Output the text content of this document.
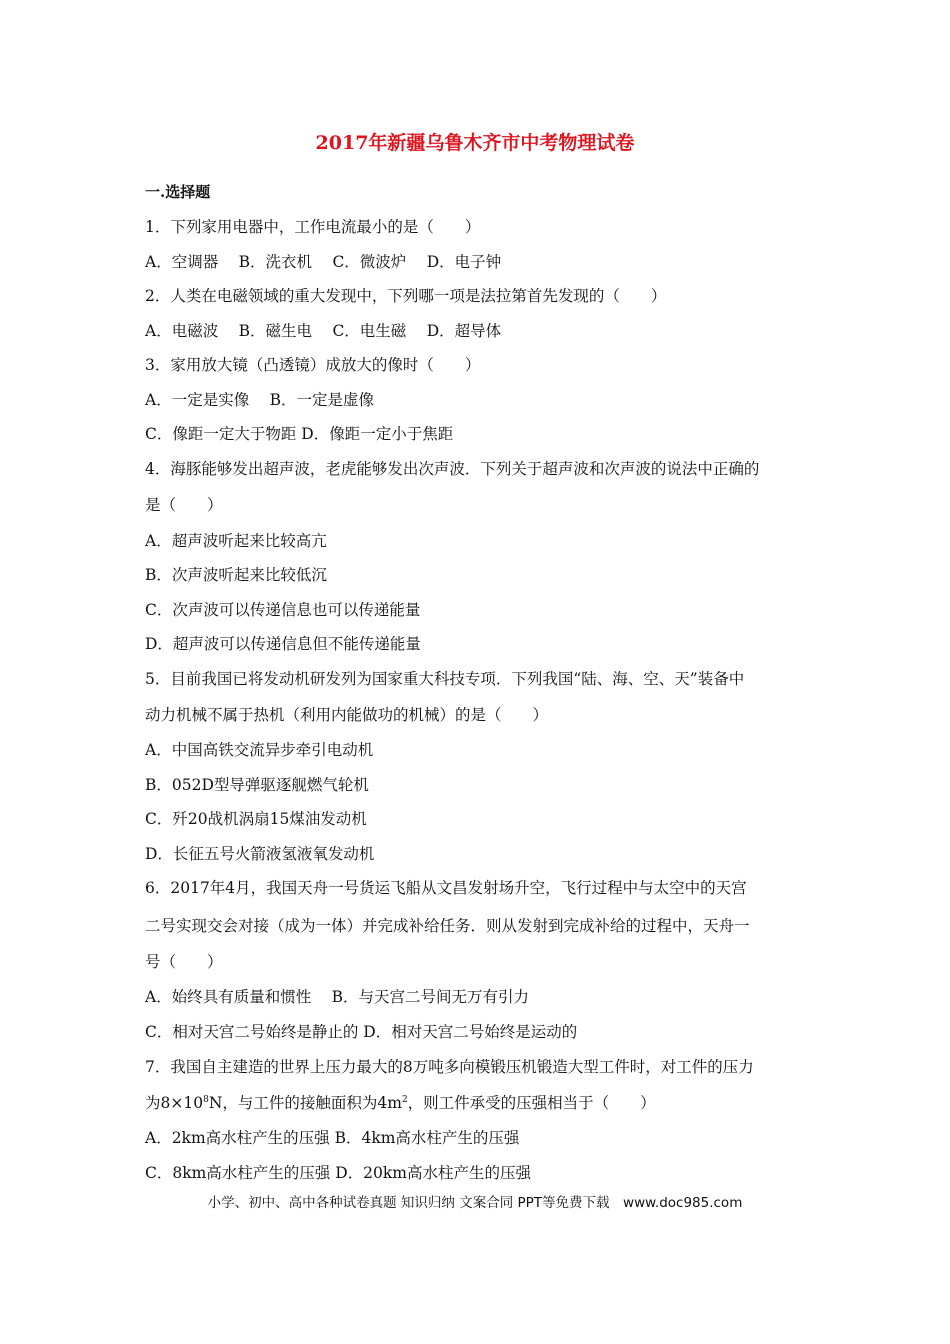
2017年新疆乌鲁木齐市中考物理试卷
一.选择题
1．下列家用电器中，工作电流最小的是（　　）
A．空调器　 B．洗衣机　 C．微波炉　 D．电子钟
2．人类在电磁领域的重大发现中，下列哪一项是法拉第首先发现的（　　）
A．电磁波　 B．磁生电　 C．电生磁　 D．超导体
3．家用放大镜（凸透镜）成放大的像时（　　）
A．一定是实像　 B．一定是虚像
C．像距一定大于物距 D．像距一定小于焦距
4．海豚能够发出超声波，老虎能够发出次声波．下列关于超声波和次声波的说法中正确的
是（　　）
A．超声波听起来比较高亢
B．次声波听起来比较低沉
C．次声波可以传递信息也可以传递能量
D．超声波可以传递信息但不能传递能量
5．目前我国已将发动机研发列为国家重大科技专项．下列我国“陆、海、空、天”装备中
动力机械不属于热机（利用内能做功的机械）的是（　　）
A．中国高铁交流异步牵引电动机
B．052D型导弹驱逐舰燃气轮机
C．歼20战机涡扇15煤油发动机
D．长征五号火箭液氢液氧发动机
6．2017年4月，我国天舟一号货运飞船从文昌发射场升空，飞行过程中与太空中的天宫
二号实现交会对接（成为一体）并完成补给任务．则从发射到完成补给的过程中，天舟一
号（　　）
A．始终具有质量和惯性　 B．与天宫二号间无万有引力
C．相对天宫二号始终是静止的 D．相对天宫二号始终是运动的
7．我国自主建造的世界上压力最大的8万吨多向模锻压机锻造大型工件时，对工件的压力
为$8\times 10^8N$，与工件的接触面积为$4m^2$，则工件承受的压强相当于（　　）
A．2km高水柱产生的压强 B．4km高水柱产生的压强
C．8km高水柱产生的压强 D．20km高水柱产生的压强
小学、初中、高中各种试卷真题 知识归纳 文案合同 PPT等免费下载　www.doc985.com
